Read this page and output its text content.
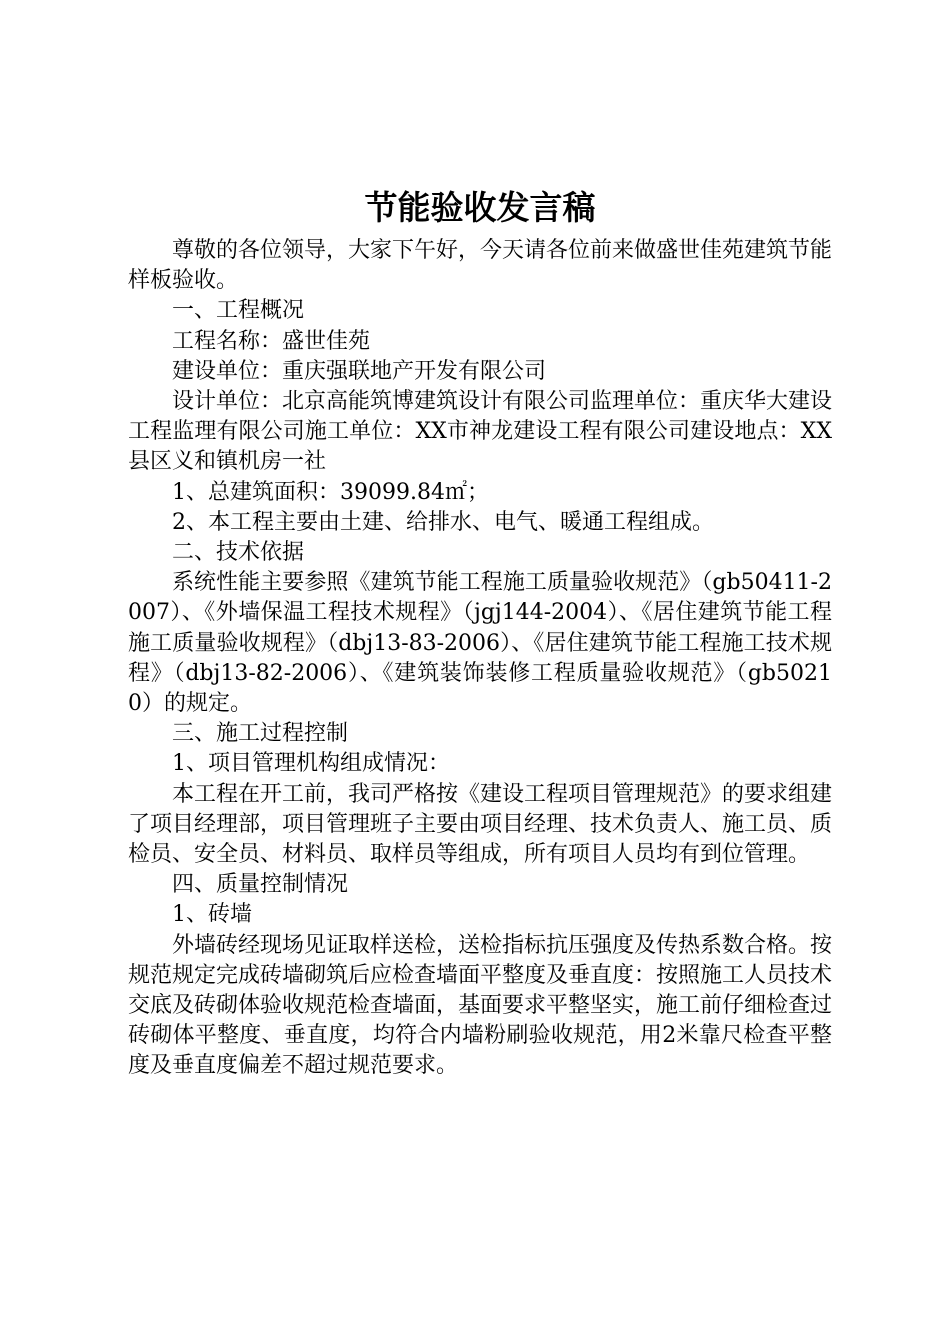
节能验收发言稿

尊敬的各位领导，大家下午好，今天请各位前来做盛世佳苑建筑节能样板验收。

一、工程概况

工程名称：盛世佳苑

建设单位：重庆强联地产开发有限公司

设计单位：北京高能筑博建筑设计有限公司监理单位：重庆华大建设工程监理有限公司施工单位：XX市神龙建设工程有限公司建设地点：XX县区义和镇机房一社

1、总建筑面积：39099.84㎡；

2、本工程主要由土建、给排水、电气、暖通工程组成。

二、技术依据

系统性能主要参照《建筑节能工程施工质量验收规范》（gb50411-2007）、《外墙保温工程技术规程》（jgj144-2004）、《居住建筑节能工程施工质量验收规程》（dbj13-83-2006）、《居住建筑节能工程施工技术规程》（dbj13-82-2006）、《建筑装饰装修工程质量验收规范》（gb50210）的规定。

三、施工过程控制

1、项目管理机构组成情况：

本工程在开工前，我司严格按《建设工程项目管理规范》的要求组建了项目经理部，项目管理班子主要由项目经理、技术负责人、施工员、质检员、安全员、材料员、取样员等组成，所有项目人员均有到位管理。

四、质量控制情况

1、砖墙

外墙砖经现场见证取样送检，送检指标抗压强度及传热系数合格。按规范规定完成砖墙砌筑后应检查墙面平整度及垂直度：按照施工人员技术交底及砖砌体验收规范检查墙面，基面要求平整坚实，施工前仔细检查过砖砌体平整度、垂直度，均符合内墙粉刷验收规范，用2米靠尺检查平整度及垂直度偏差不超过规范要求。
